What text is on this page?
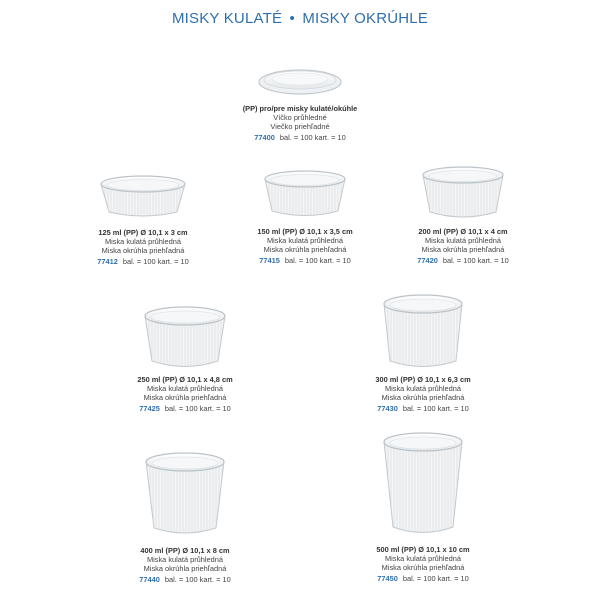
MISKY KULATÉ • MISKY OKRÚHLE
(PP) pro/pre misky kulaté/okúhle
Víčko průhledné
Viečko priehľadné
77400 bal. = 100 kart. = 10
125 ml (PP) Ø 10,1 x 3 cm
Miska kulatá průhledná
Miska okrúhla priehľadná
77412 bal. = 100 kart. = 10
150 ml (PP) Ø 10,1 x 3,5 cm
Miska kulatá průhledná
Miska okrúhla priehľadná
77415 bal. = 100 kart. = 10
200 ml (PP) Ø 10,1 x 4 cm
Miska kulatá průhledná
Miska okrúhla priehľadná
77420 bal. = 100 kart. = 10
250 ml (PP) Ø 10,1 x 4,8 cm
Miska kulatá průhledná
Miska okrúhla priehľadná
77425 bal. = 100 kart. = 10
300 ml (PP) Ø 10,1 x 6,3 cm
Miska kulatá průhledná
Miska okrúhla priehľadná
77430 bal. = 100 kart. = 10
400 ml (PP) Ø 10,1 x 8 cm
Miska kulatá průhledná
Miska okrúhla priehľadná
77440 bal. = 100 kart. = 10
500 ml (PP) Ø 10,1 x 10 cm
Miska kulatá průhledná
Miska okrúhla priehľadná
77450 bal. = 100 kart. = 10
